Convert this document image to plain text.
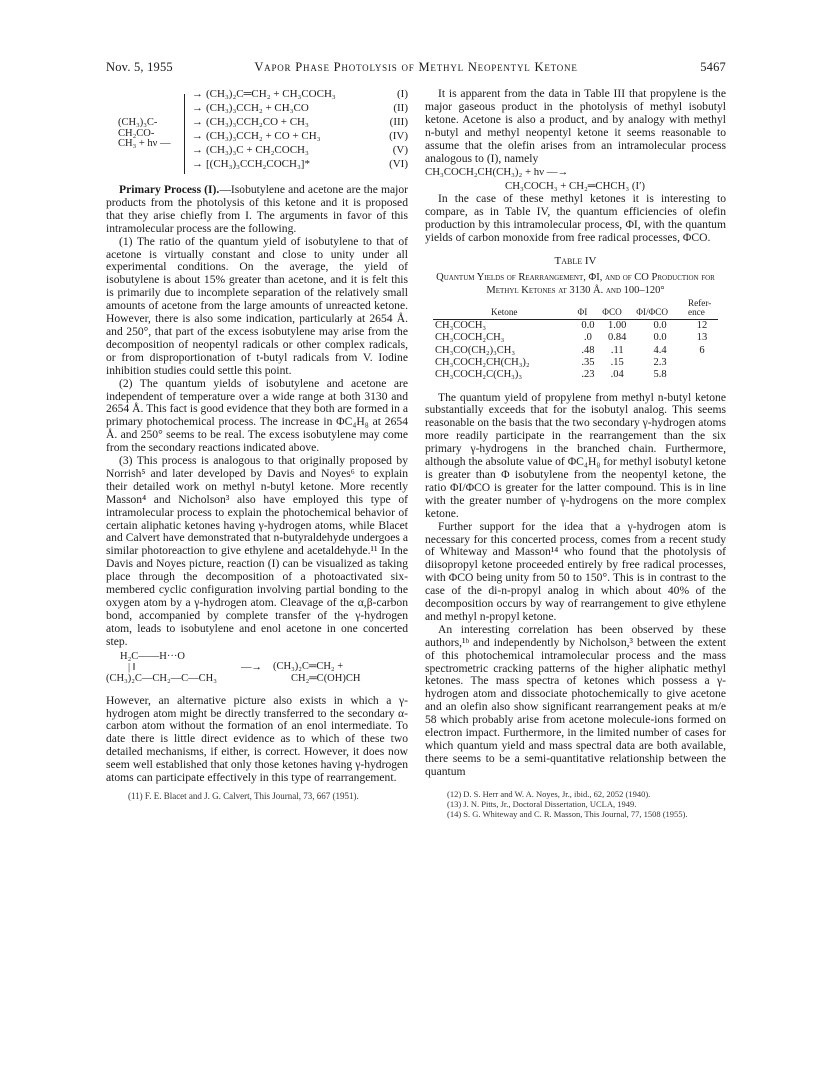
Nov. 5, 1955	Vapor Phase Photolysis of Methyl Neopentyl Ketone	5467
(CH₃)₃C-
CH₂CO-
CH₃ + hν —
→ (CH₃)₂C═CH₂ + CH₃COCH₃	(I)
→ (CH₃)₃CCH₂ + CH₃CO	(II)
→ (CH₃)₃CCH₂CO + CH₃	(III)
→ (CH₃)₃CCH₂ + CO + CH₃	(IV)
→ (CH₃)₃C + CH₂COCH₃	(V)
→ [(CH₃)₃CCH₂COCH₃]*	(VI)

Primary Process (I).—Isobutylene and acetone are the major products from the photolysis of this ketone and it is proposed that they arise chiefly from I. The arguments in favor of this intramolecular process are the following.

(1) The ratio of the quantum yield of isobutylene to that of acetone is virtually constant and close to unity under all experimental conditions. On the average, the yield of isobutylene is about 15% greater than acetone, and it is felt this is primarily due to incomplete separation of the relatively small amounts of acetone from the large amounts of unreacted ketone. However, there is also some indication, particularly at 2654 Å. and 250°, that part of the excess isobutylene may arise from the decomposition of neopentyl radicals or other complex radicals, or from disproportionation of t-butyl radicals from V. Iodine inhibition studies could settle this point.

(2) The quantum yields of isobutylene and acetone are independent of temperature over a wide range at both 3130 and 2654 Å. This fact is good evidence that they both are formed in a primary photochemical process. The increase in ΦC₄H₈ at 2654 Å. and 250° seems to be real. The excess isobutylene may come from the secondary reactions indicated above.

(3) This process is analogous to that originally proposed by Norrish⁵ and later developed by Davis and Noyes⁶ to explain their detailed work on methyl n-butyl ketone. More recently Masson⁴ and Nicholson³ also have employed this type of intramolecular process to explain the photochemical behavior of certain aliphatic ketones having γ-hydrogen atoms, while Blacet and Calvert have demonstrated that n-butyraldehyde undergoes a similar photoreaction to give ethylene and acetaldehyde.¹¹ In the Davis and Noyes picture, reaction (I) can be visualized as taking place through the decomposition of a photoactivated six-membered cyclic configuration involving partial bonding to the oxygen atom by a γ-hydrogen atom. Cleavage of the α,β-carbon bond, accompanied by complete transfer of the γ-hydrogen atom, leads to isobutylene and enol acetone in one concerted step.

H₂C——H···O
| ‖
(CH₃)₂C—CH₂—C—CH₃
—→ (CH₃)₂C═CH₂ +
CH₂═C(OH)CH

However, an alternative picture also exists in which a γ-hydrogen atom might be directly transferred to the secondary α-carbon atom without the formation of an enol intermediate. To date there is little direct evidence as to which of these two detailed mechanisms, if either, is correct. However, it does now seem well established that only those ketones having γ-hydrogen atoms can participate effectively in this type of rearrangement.

(11) F. E. Blacet and J. G. Calvert, This Journal, 73, 667 (1951).

It is apparent from the data in Table III that propylene is the major gaseous product in the photolysis of methyl isobutyl ketone. Acetone is also a product, and by analogy with methyl n-butyl and methyl neopentyl ketone it seems reasonable to assume that the olefin arises from an intramolecular process analogous to (I), namely

CH₃COCH₂CH(CH₃)₂ + hν —→
CH₃COCH₃ + CH₂═CHCH₃ (I′)

In the case of these methyl ketones it is interesting to compare, as in Table IV, the quantum efficiencies of olefin production by this intramolecular process, ΦI, with the quantum yields of carbon monoxide from free radical processes, ΦCO.

Table IV
Quantum Yields of Rearrangement, ΦI, and of CO Production for Methyl Ketones at 3130 Å. and 100–120°
Ketone	ΦI	ΦCO	ΦI/ΦCO	Refer-ence
CH₃COCH₃	0.0	1.00	0.0	12
CH₃COCH₂CH₃	.0	0.84	0.0	13
CH₃CO(CH₂)₃CH₃	.48	.11	4.4	6
CH₃COCH₂CH(CH₃)₂	.35	.15	2.3	
CH₃COCH₂C(CH₃)₃	.23	.04	5.8	

The quantum yield of propylene from methyl n-butyl ketone substantially exceeds that for the isobutyl analog. This seems reasonable on the basis that the two secondary γ-hydrogen atoms more readily participate in the rearrangement than the six primary γ-hydrogens in the branched chain. Furthermore, although the absolute value of ΦC₄H₈ for methyl isobutyl ketone is greater than Φ isobutylene from the neopentyl ketone, the ratio ΦI/ΦCO is greater for the latter compound. This is in line with the greater number of γ-hydrogens on the more complex ketone.

Further support for the idea that a γ-hydrogen atom is necessary for this concerted process, comes from a recent study of Whiteway and Masson¹⁴ who found that the photolysis of diisopropyl ketone proceeded entirely by free radical processes, with ΦCO being unity from 50 to 150°. This is in contrast to the case of the di-n-propyl analog in which about 40% of the decomposition occurs by way of rearrangement to give ethylene and methyl n-propyl ketone.

An interesting correlation has been observed by these authors,¹ᵇ and independently by Nicholson,³ between the extent of this photochemical intramolecular process and the mass spectrometric cracking patterns of the higher aliphatic methyl ketones. The mass spectra of ketones which possess a γ-hydrogen atom and dissociate photochemically to give acetone and an olefin also show significant rearrangement peaks at m/e 58 which probably arise from acetone molecule-ions formed on electron impact. Furthermore, in the limited number of cases for which quantum yield and mass spectral data are both available, there seems to be a semi-quantitative relationship between the quantum

(12) D. S. Herr and W. A. Noyes, Jr., ibid., 62, 2052 (1940).
(13) J. N. Pitts, Jr., Doctoral Dissertation, UCLA, 1949.
(14) S. G. Whiteway and C. R. Masson, This Journal, 77, 1508 (1955).
